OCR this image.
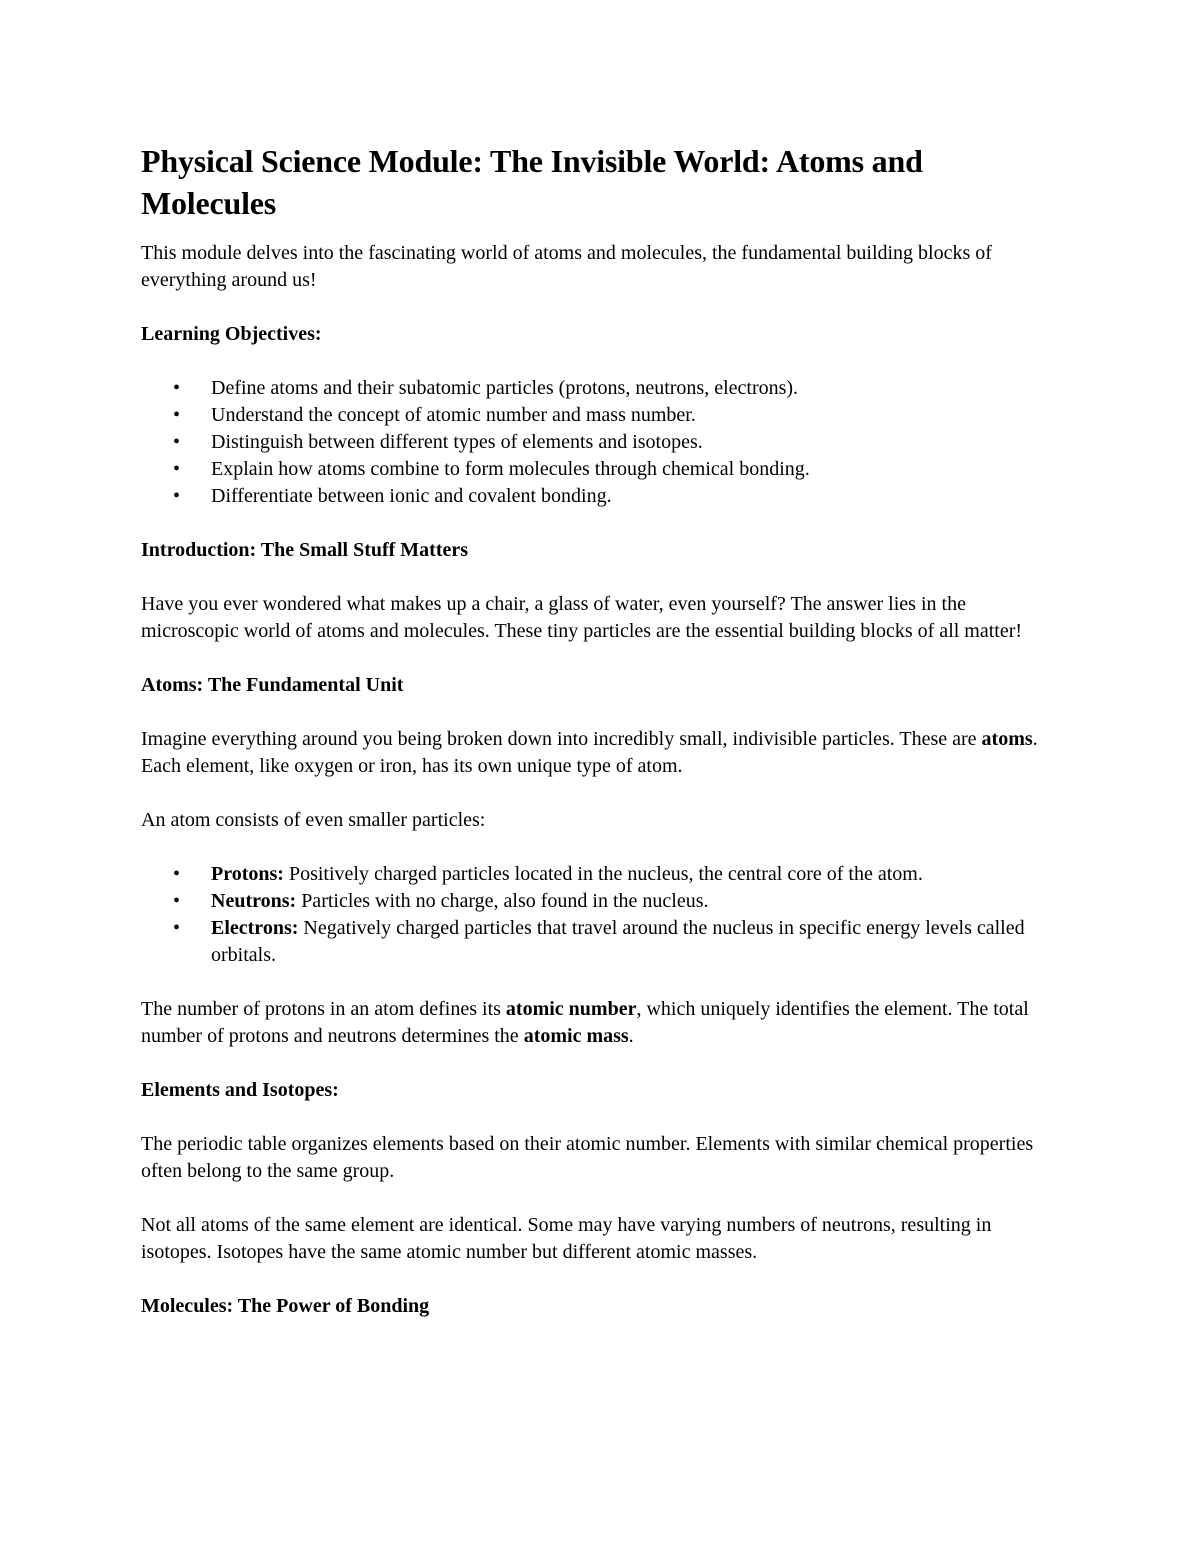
Physical Science Module: The Invisible World: Atoms and Molecules

This module delves into the fascinating world of atoms and molecules, the fundamental building blocks of everything around us!

Learning Objectives:

• Define atoms and their subatomic particles (protons, neutrons, electrons).
• Understand the concept of atomic number and mass number.
• Distinguish between different types of elements and isotopes.
• Explain how atoms combine to form molecules through chemical bonding.
• Differentiate between ionic and covalent bonding.

Introduction: The Small Stuff Matters

Have you ever wondered what makes up a chair, a glass of water, even yourself? The answer lies in the microscopic world of atoms and molecules. These tiny particles are the essential building blocks of all matter!

Atoms: The Fundamental Unit

Imagine everything around you being broken down into incredibly small, indivisible particles. These are atoms. Each element, like oxygen or iron, has its own unique type of atom.

An atom consists of even smaller particles:

• Protons: Positively charged particles located in the nucleus, the central core of the atom.
• Neutrons: Particles with no charge, also found in the nucleus.
• Electrons: Negatively charged particles that travel around the nucleus in specific energy levels called orbitals.

The number of protons in an atom defines its atomic number, which uniquely identifies the element. The total number of protons and neutrons determines the atomic mass.

Elements and Isotopes:

The periodic table organizes elements based on their atomic number. Elements with similar chemical properties often belong to the same group.

Not all atoms of the same element are identical. Some may have varying numbers of neutrons, resulting in isotopes. Isotopes have the same atomic number but different atomic masses.

Molecules: The Power of Bonding
